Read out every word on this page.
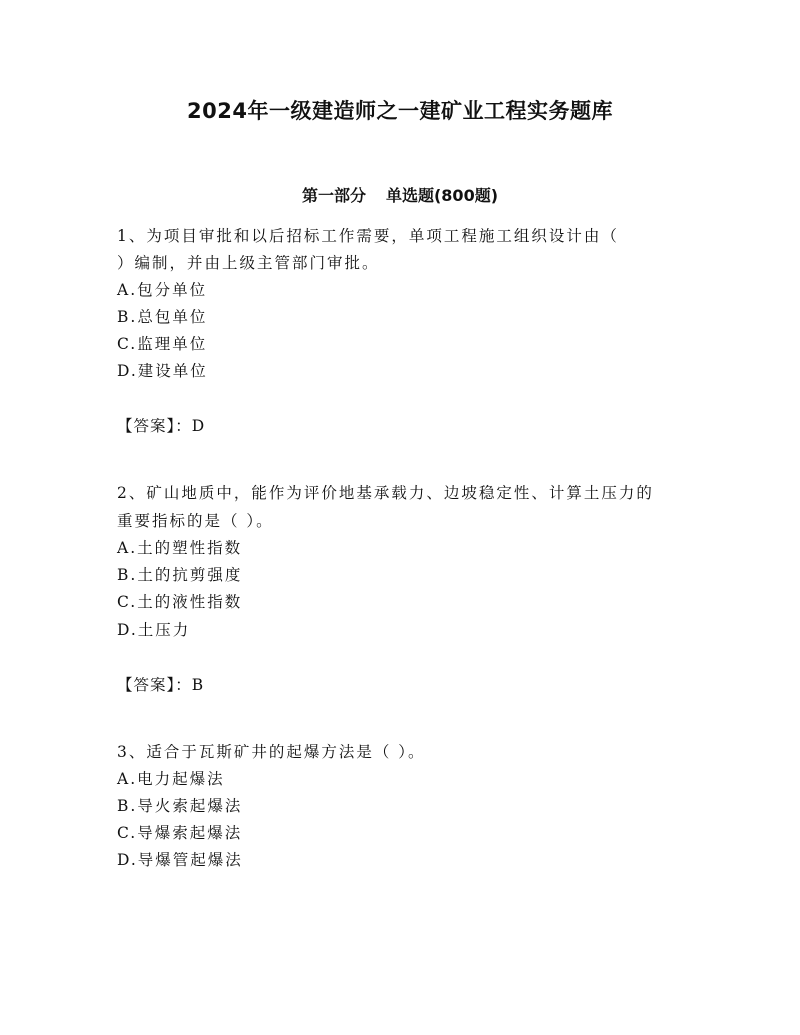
2024年一级建造师之一建矿业工程实务题库
第一部分 单选题(800题)
1、为项目审批和以后招标工作需要，单项工程施工组织设计由（
）编制，并由上级主管部门审批。
A.包分单位
B.总包单位
C.监理单位
D.建设单位
【答案】：D
2、矿山地质中，能作为评价地基承载力、边坡稳定性、计算土压力的
重要指标的是（ ）。
A.土的塑性指数
B.土的抗剪强度
C.土的液性指数
D.土压力
【答案】：B
3、适合于瓦斯矿井的起爆方法是（ ）。
A.电力起爆法
B.导火索起爆法
C.导爆索起爆法
D.导爆管起爆法
